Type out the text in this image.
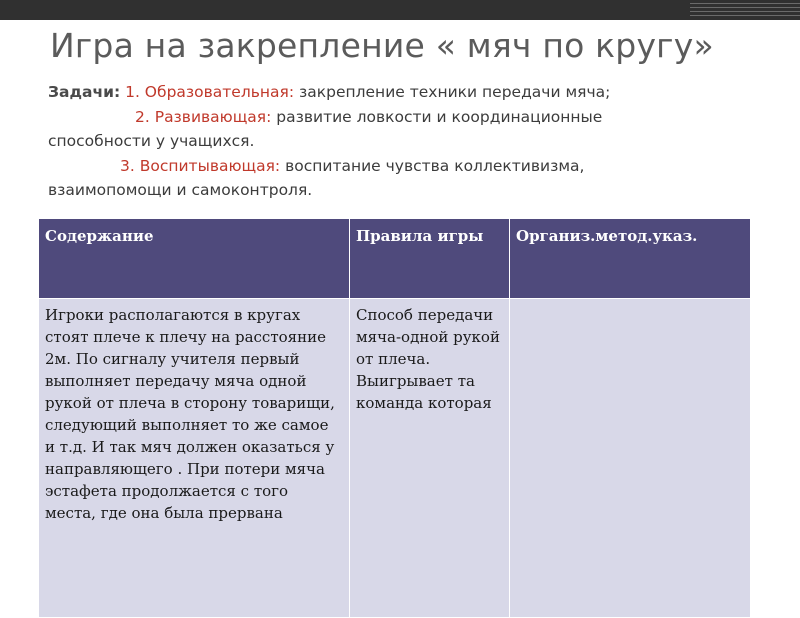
Игра на закрепление « мяч по кругу»
Задачи: 1. Образовательная: закрепление техники передачи мяча;
2. Развивающая: развитие ловкости и координационные
способности у учащихся.
3. Воспитывающая: воспитание чувства коллективизма,
взаимопомощи и самоконтроля.
Содержание	Правила игры	Организ.метод.указ.
Игроки располагаются в кругах стоят плече к плечу на расстояние 2м. По сигналу учителя первый выполняет передачу мяча одной рукой от плеча в сторону товарищи, следующий выполняет то же самое и т.д. И так мяч должен оказаться у направляющего . При потери мяча эстафета продолжается с того места, где она была прервана	Способ передачи мяча-одной рукой от плеча. Выигрывает та команда которая	
